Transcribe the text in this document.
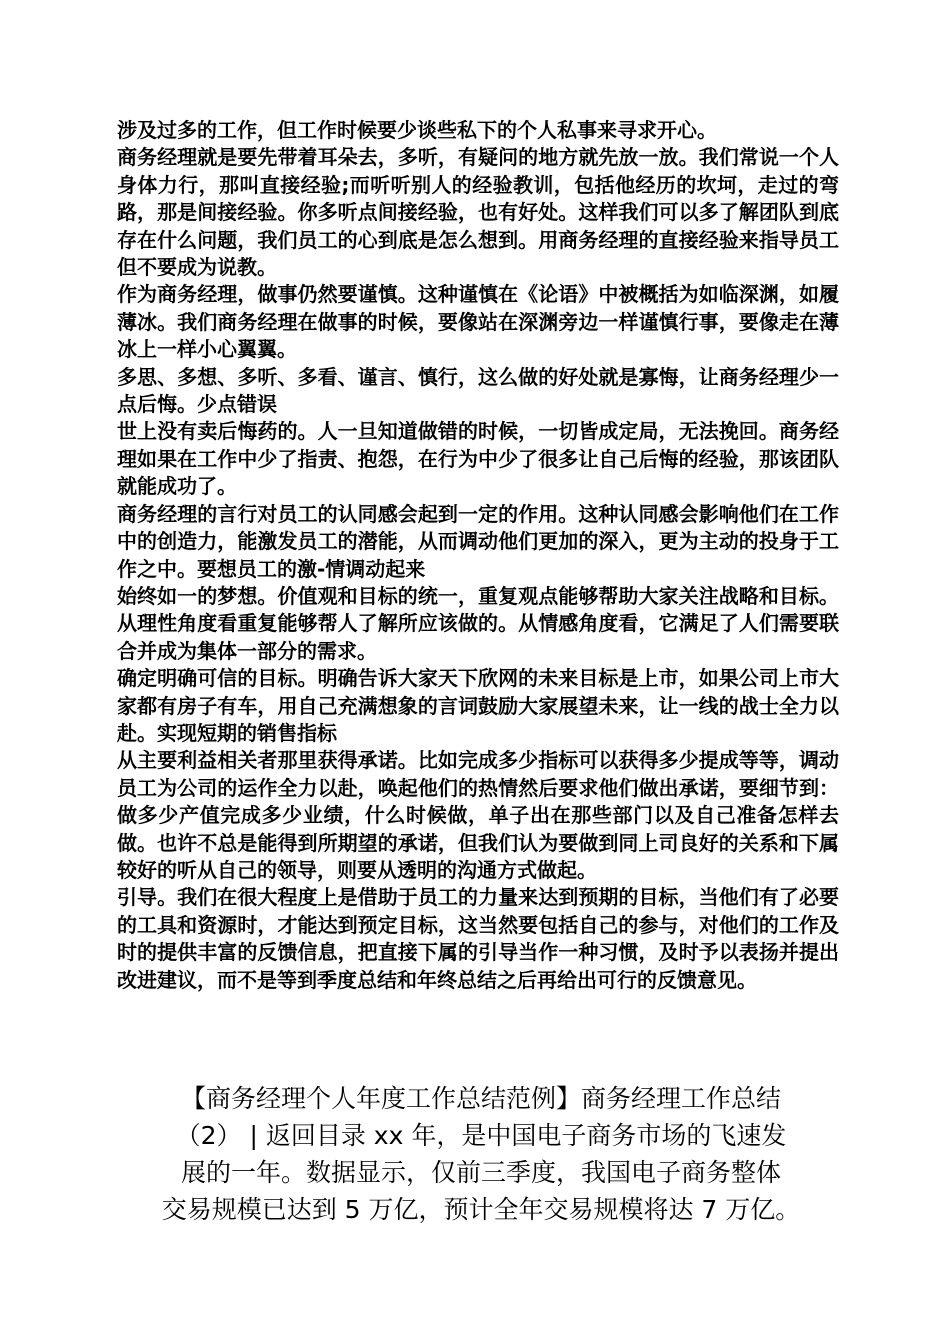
涉及过多的工作，但工作时候要少谈些私下的个人私事来寻求开心。

商务经理就是要先带着耳朵去，多听，有疑问的地方就先放一放。我们常说一个人身体力行，那叫直接经验;而听听别人的经验教训，包括他经历的坎坷，走过的弯路，那是间接经验。你多听点间接经验，也有好处。这样我们可以多了解团队到底存在什么问题，我们员工的心到底是怎么想到。用商务经理的直接经验来指导员工但不要成为说教。

作为商务经理，做事仍然要谨慎。这种谨慎在《论语》中被概括为如临深渊，如履薄冰。我们商务经理在做事的时候，要像站在深渊旁边一样谨慎行事，要像走在薄冰上一样小心翼翼。

多思、多想、多听、多看、谨言、慎行，这么做的好处就是寡悔，让商务经理少一点后悔。少点错误

世上没有卖后悔药的。人一旦知道做错的时候，一切皆成定局，无法挽回。商务经理如果在工作中少了指责、抱怨，在行为中少了很多让自己后悔的经验，那该团队就能成功了。

商务经理的言行对员工的认同感会起到一定的作用。这种认同感会影响他们在工作中的创造力，能激发员工的潜能，从而调动他们更加的深入，更为主动的投身于工作之中。要想员工的激-情调动起来

始终如一的梦想。价值观和目标的统一，重复观点能够帮助大家关注战略和目标。从理性角度看重复能够帮人了解所应该做的。从情感角度看，它满足了人们需要联合并成为集体一部分的需求。

确定明确可信的目标。明确告诉大家天下欣网的未来目标是上市，如果公司上市大家都有房子有车，用自己充满想象的言词鼓励大家展望未来，让一线的战士全力以赴。实现短期的销售指标

从主要利益相关者那里获得承诺。比如完成多少指标可以获得多少提成等等，调动员工为公司的运作全力以赴，唤起他们的热情然后要求他们做出承诺，要细节到：做多少产值完成多少业绩，什么时候做，单子出在那些部门以及自己准备怎样去做。也许不总是能得到所期望的承诺，但我们认为要做到同上司良好的关系和下属较好的听从自己的领导，则要从透明的沟通方式做起。

引导。我们在很大程度上是借助于员工的力量来达到预期的目标，当他们有了必要的工具和资源时，才能达到预定目标，这当然要包括自己的参与，对他们的工作及时的提供丰富的反馈信息，把直接下属的引导当作一种习惯，及时予以表扬并提出改进建议，而不是等到季度总结和年终总结之后再给出可行的反馈意见。

【商务经理个人年度工作总结范例】商务经理工作总结

（2） | 返回目录 xx 年，是中国电子商务市场的飞速发

展的一年。数据显示，仅前三季度，我国电子商务整体

交易规模已达到 5 万亿，预计全年交易规模将达 7 万亿。
